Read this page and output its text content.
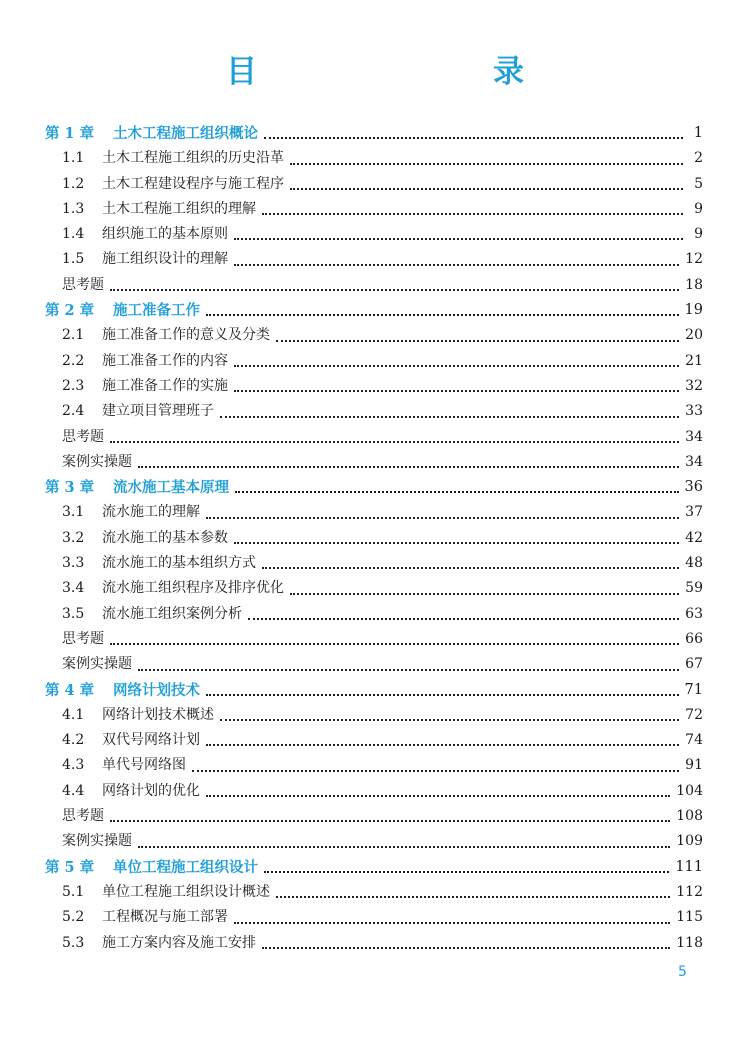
目　　录
第 1 章	土木工程施工组织概论	1
1.1	土木工程施工组织的历史沿革	2
1.2	土木工程建设程序与施工程序	5
1.3	土木工程施工组织的理解	9
1.4	组织施工的基本原则	9
1.5	施工组织设计的理解	12
思考题	18
第 2 章	施工准备工作	19
2.1	施工准备工作的意义及分类	20
2.2	施工准备工作的内容	21
2.3	施工准备工作的实施	32
2.4	建立项目管理班子	33
思考题	34
案例实操题	34
第 3 章	流水施工基本原理	36
3.1	流水施工的理解	37
3.2	流水施工的基本参数	42
3.3	流水施工的基本组织方式	48
3.4	流水施工组织程序及排序优化	59
3.5	流水施工组织案例分析	63
思考题	66
案例实操题	67
第 4 章	网络计划技术	71
4.1	网络计划技术概述	72
4.2	双代号网络计划	74
4.3	单代号网络图	91
4.4	网络计划的优化	104
思考题	108
案例实操题	109
第 5 章	单位工程施工组织设计	111
5.1	单位工程施工组织设计概述	112
5.2	工程概况与施工部署	115
5.3	施工方案内容及施工安排	118
5
